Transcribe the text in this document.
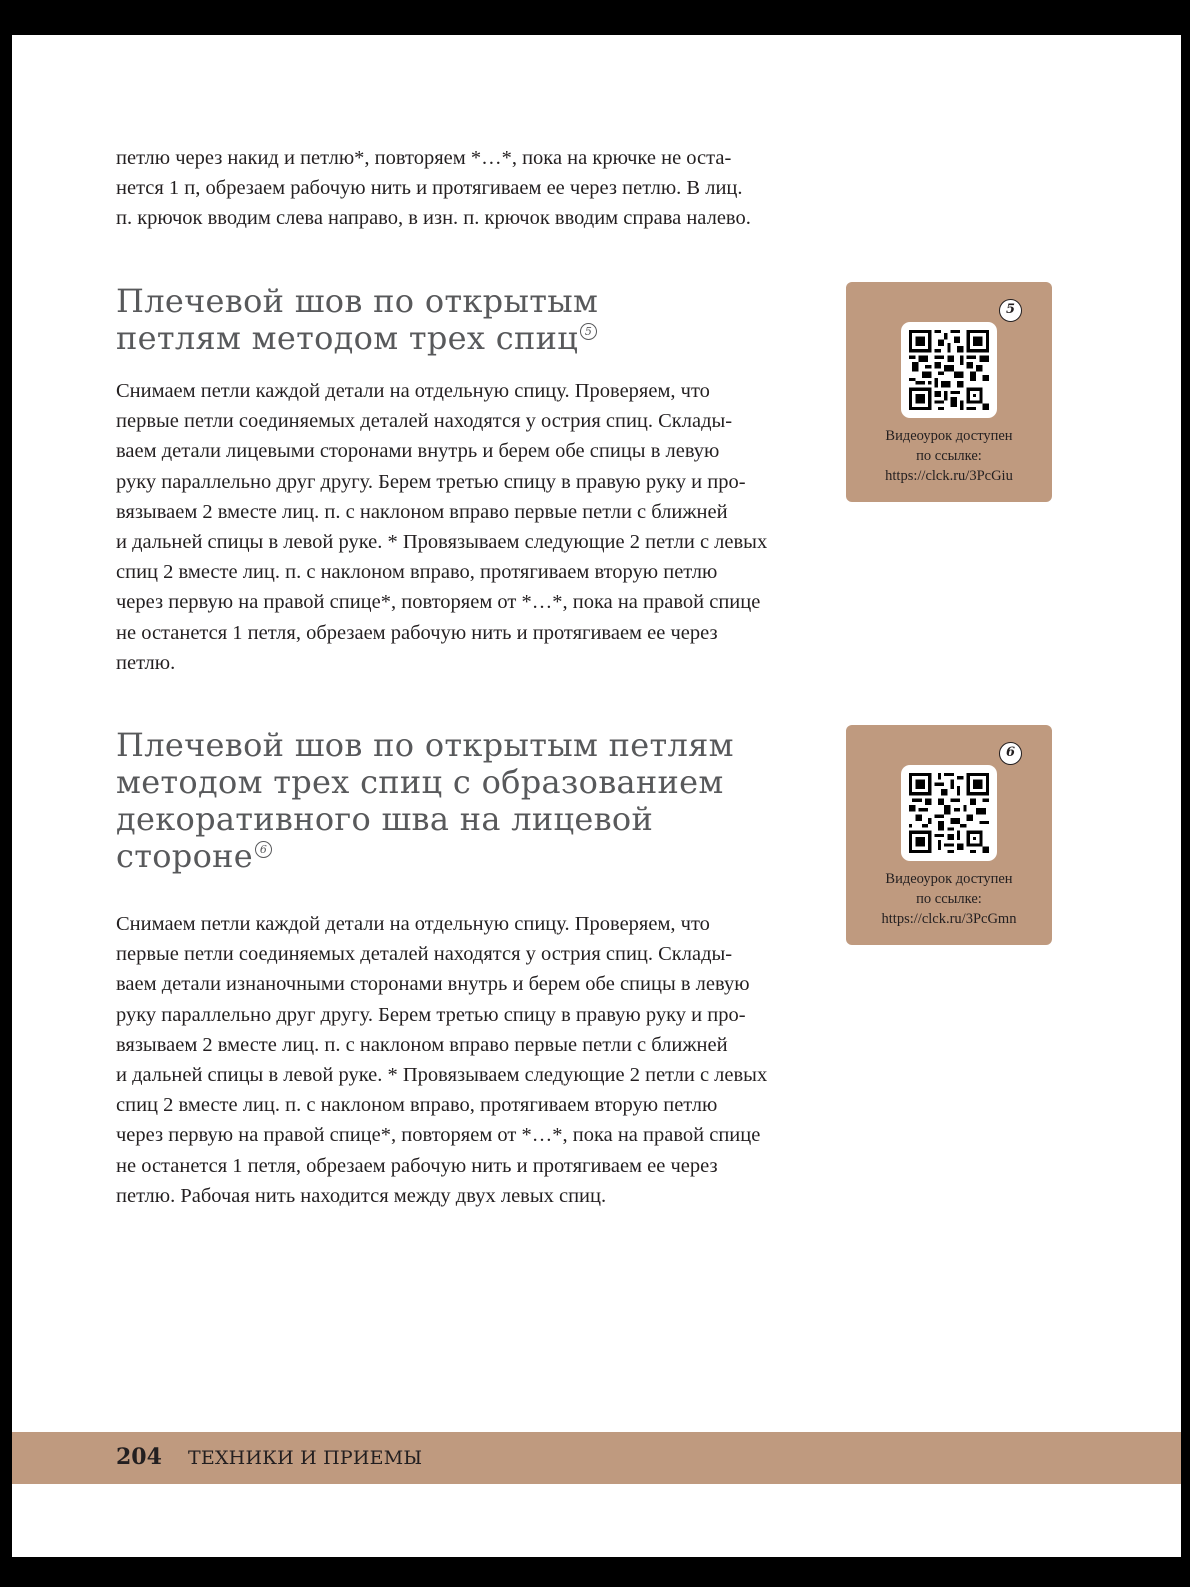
петлю через накид и петлю*, повторяем *…*, пока на крючке не оста-
нется 1 п, обрезаем рабочую нить и протягиваем ее через петлю. В лиц.
п. крючок вводим слева направо, в изн. п. крючок вводим справа налево.

Плечевой шов по открытым
петлям методом трех спиц 5

Снимаем петли каждой детали на отдельную спицу. Проверяем, что
первые петли соединяемых деталей находятся у острия спиц. Склады-
ваем детали лицевыми сторонами внутрь и берем обе спицы в левую
руку параллельно друг другу. Берем третью спицу в правую руку и про-
вязываем 2 вместе лиц. п. с наклоном вправо первые петли с ближней
и дальней спицы в левой руке. * Провязываем следующие 2 петли с левых
спиц 2 вместе лиц. п. с наклоном вправо, протягиваем вторую петлю
через первую на правой спице*, повторяем от *…*, пока на правой спице
не останется 1 петля, обрезаем рабочую нить и протягиваем ее через
петлю.

5
Видеоурок доступен
по ссылке:
https://clck.ru/3PcGiu
Плечевой шов по открытым петлям
методом трех спиц с образованием
декоративного шва на лицевой
стороне 6

Снимаем петли каждой детали на отдельную спицу. Проверяем, что
первые петли соединяемых деталей находятся у острия спиц. Склады-
ваем детали изнаночными сторонами внутрь и берем обе спицы в левую
руку параллельно друг другу. Берем третью спицу в правую руку и про-
вязываем 2 вместе лиц. п. с наклоном вправо первые петли с ближней
и дальней спицы в левой руке. * Провязываем следующие 2 петли с левых
спиц 2 вместе лиц. п. с наклоном вправо, протягиваем вторую петлю
через первую на правой спице*, повторяем от *…*, пока на правой спице
не останется 1 петля, обрезаем рабочую нить и протягиваем ее через
петлю. Рабочая нить находится между двух левых спиц.

6
Видеоурок доступен
по ссылке:
https://clck.ru/3PcGmn
204 ТЕХНИКИ И ПРИЕМЫ
